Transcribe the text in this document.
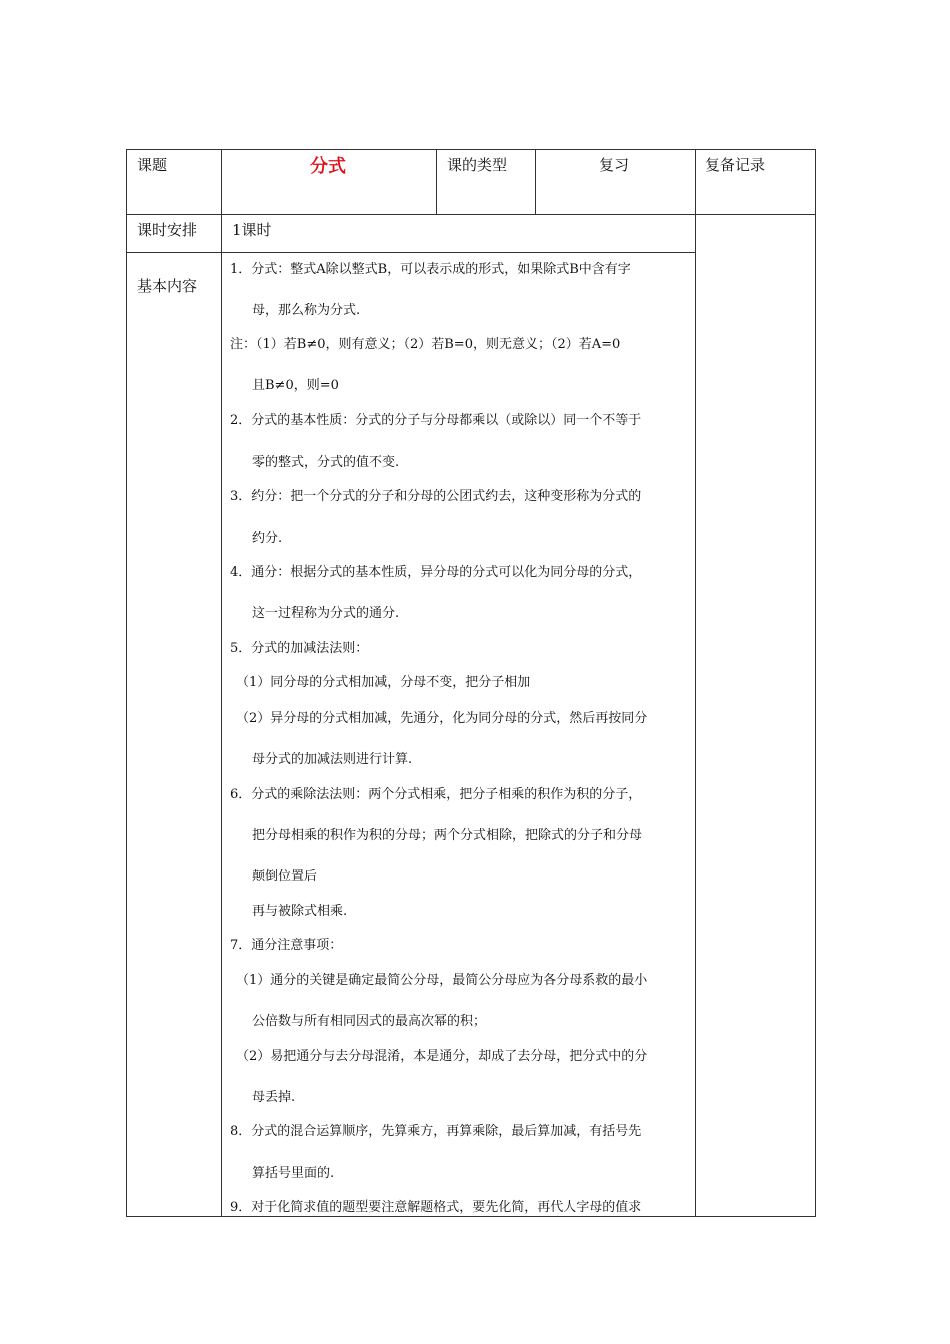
课题	分式	课的类型	复习	复备记录
课时安排 1课时
基本内容
1．分式：整式A除以整式B，可以表示成的形式，如果除式B中含有字
母，那么称为分式.
注：（1）若B≠0，则有意义；（2）若B=0，则无意义；（2）若A=0
且B≠0，则=0
2．分式的基本性质：分式的分子与分母都乘以（或除以）同一个不等于
零的整式，分式的值不变.
3．约分：把一个分式的分子和分母的公团式约去，这种变形称为分式的
约分.
4．通分：根据分式的基本性质，异分母的分式可以化为同分母的分式，
这一过程称为分式的通分.
5．分式的加减法法则：
（1）同分母的分式相加减，分母不变，把分子相加
（2）异分母的分式相加减，先通分，化为同分母的分式，然后再按同分
母分式的加减法则进行计算.
6．分式的乘除法法则：两个分式相乘，把分子相乘的积作为积的分子，
把分母相乘的积作为积的分母；两个分式相除，把除式的分子和分母
颠倒位置后
再与被除式相乘.
7．通分注意事项：
（1）通分的关键是确定最简公分母，最简公分母应为各分母系救的最小
公倍数与所有相同因式的最高次幂的积；
（2）易把通分与去分母混淆，本是通分，却成了去分母，把分式中的分
母丢掉.
8．分式的混合运算顺序，先算乘方，再算乘除，最后算加减，有括号先
算括号里面的.
9．对于化简求值的题型要注意解题格式，要先化简，再代人字母的值求
